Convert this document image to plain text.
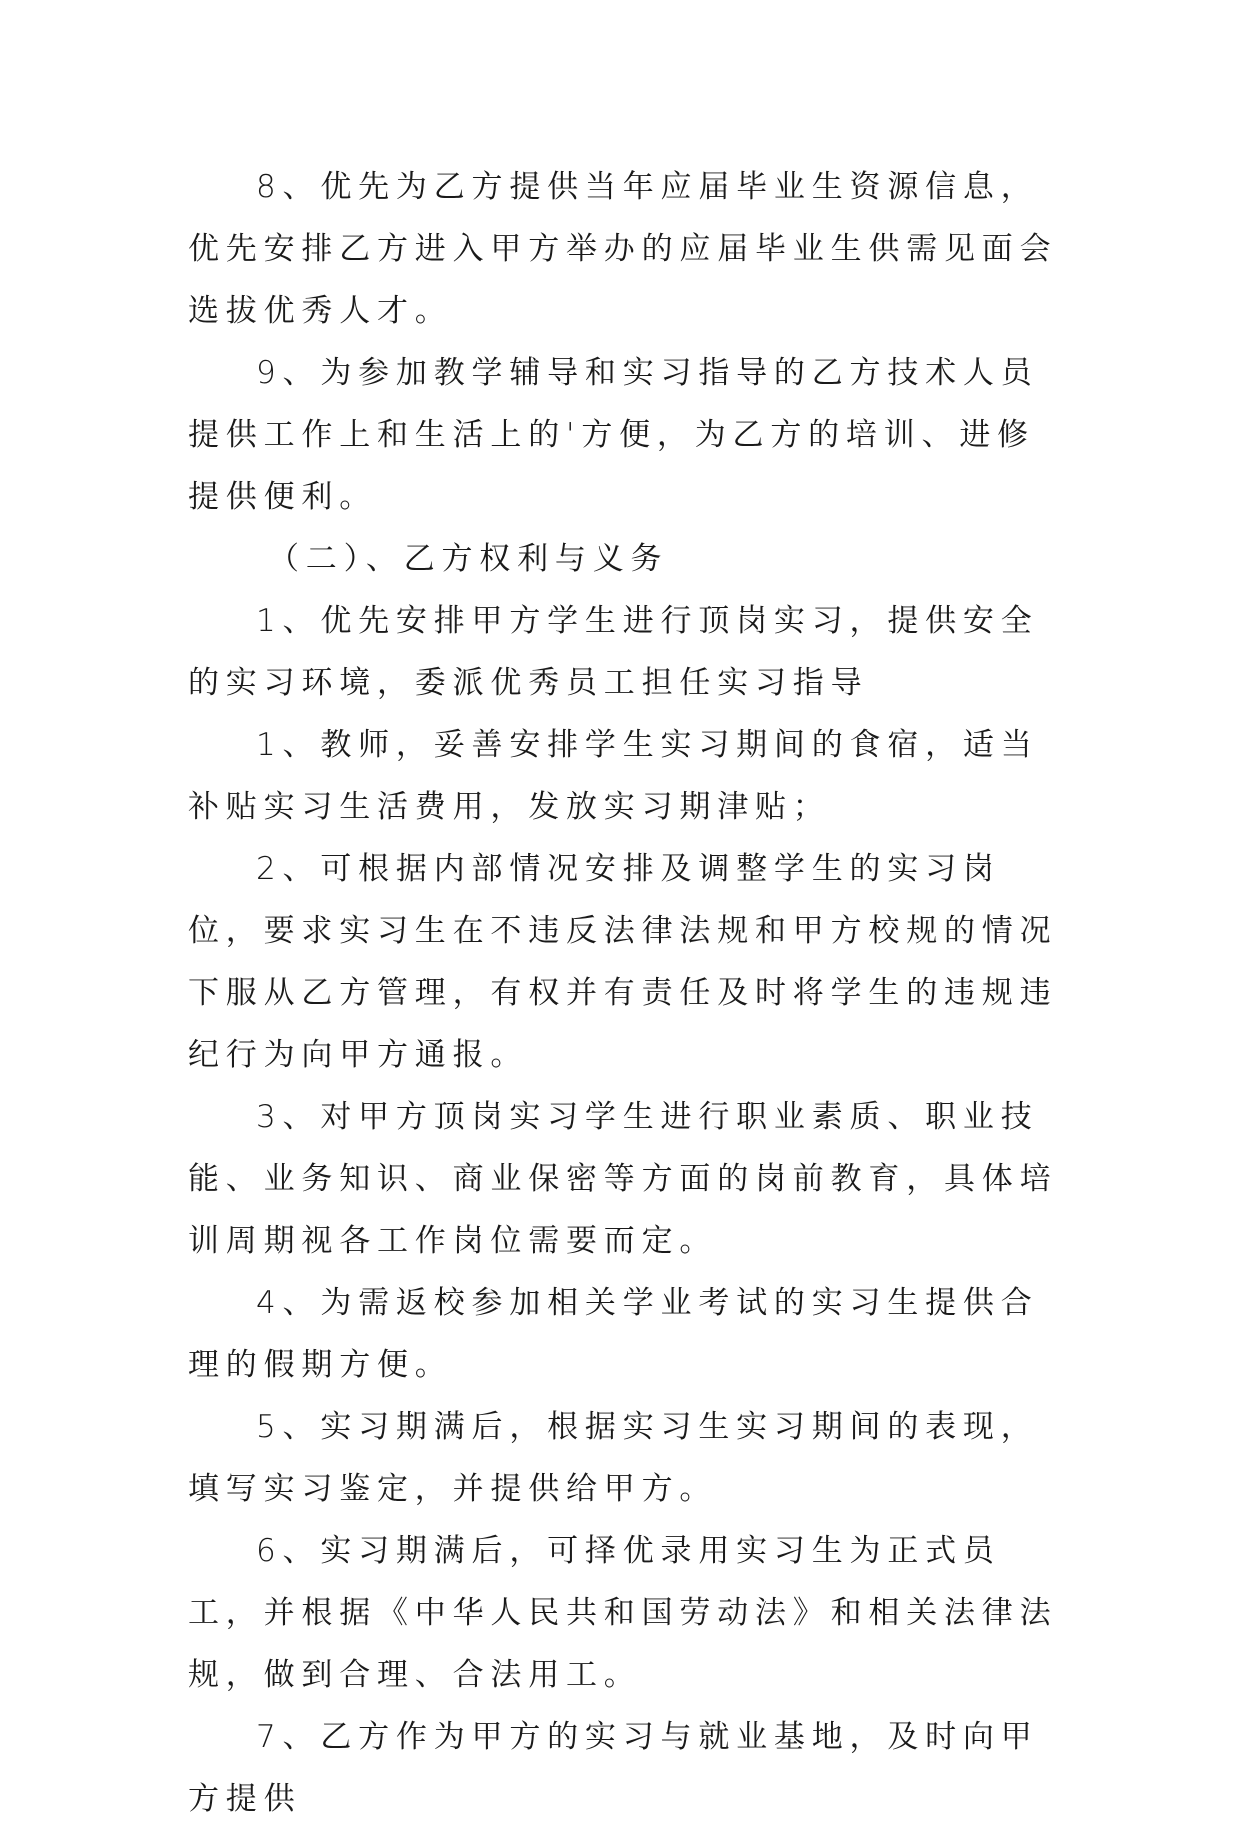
8、优先为乙方提供当年应届毕业生资源信息，优先安排乙方进入甲方举办的应届毕业生供需见面会选拔优秀人才。

9、为参加教学辅导和实习指导的乙方技术人员提供工作上和生活上的'方便，为乙方的培训、进修提供便利。

（二）、乙方权利与义务

1、优先安排甲方学生进行顶岗实习，提供安全的实习环境，委派优秀员工担任实习指导

1、教师，妥善安排学生实习期间的食宿，适当补贴实习生活费用，发放实习期津贴；

2、可根据内部情况安排及调整学生的实习岗位，要求实习生在不违反法律法规和甲方校规的情况下服从乙方管理，有权并有责任及时将学生的违规违纪行为向甲方通报。

3、对甲方顶岗实习学生进行职业素质、职业技能、业务知识、商业保密等方面的岗前教育，具体培训周期视各工作岗位需要而定。

4、为需返校参加相关学业考试的实习生提供合理的假期方便。

5、实习期满后，根据实习生实习期间的表现，填写实习鉴定，并提供给甲方。

6、实习期满后，可择优录用实习生为正式员工，并根据《中华人民共和国劳动法》和相关法律法规，做到合理、合法用工。

7、乙方作为甲方的实习与就业基地，及时向甲方提供
